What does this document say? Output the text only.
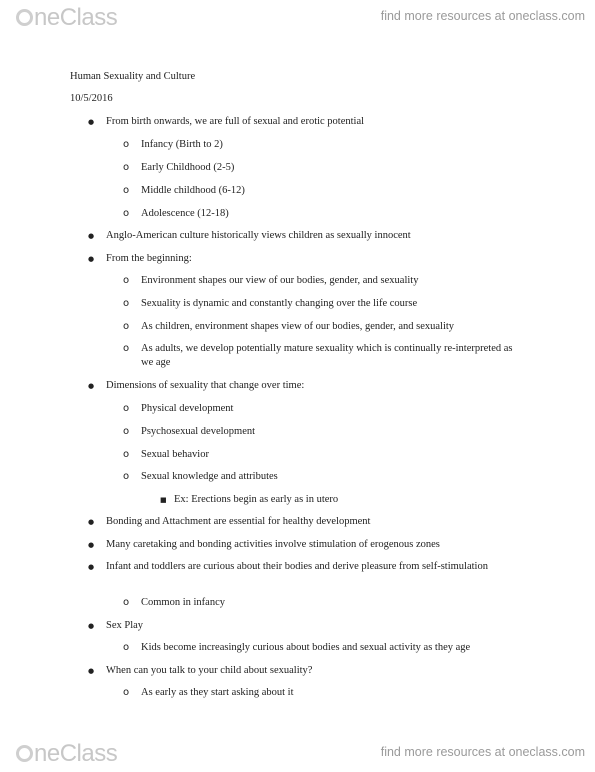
neClass	find more resources at oneclass.com
Human Sexuality and Culture
10/5/2016
● From birth onwards, we are full of sexual and erotic potential
o Infancy (Birth to 2)
o Early Childhood (2-5)
o Middle childhood (6-12)
o Adolescence (12-18)
● Anglo-American culture historically views children as sexually innocent
● From the beginning:
o Environment shapes our view of our bodies, gender, and sexuality
o Sexuality is dynamic and constantly changing over the life course
o As children, environment shapes view of our bodies, gender, and sexuality
o As adults, we develop potentially mature sexuality which is continually re-interpreted as we age
● Dimensions of sexuality that change over time:
o Physical development
o Psychosexual development
o Sexual behavior
o Sexual knowledge and attributes
■ Ex: Erections begin as early as in utero
● Bonding and Attachment are essential for healthy development
● Many caretaking and bonding activities involve stimulation of erogenous zones
● Infant and toddlers are curious about their bodies and derive pleasure from self-stimulation
o Common in infancy
● Sex Play
o Kids become increasingly curious about bodies and sexual activity as they age
● When can you talk to your child about sexuality?
o As early as they start asking about it
neClass	find more resources at oneclass.com
